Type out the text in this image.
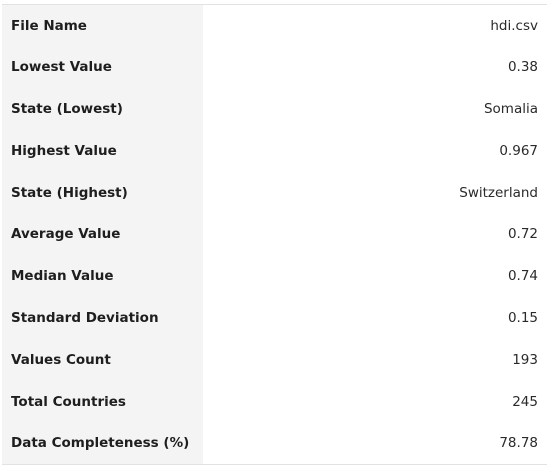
File Name	hdi.csv
Lowest Value	0.38
State (Lowest)	Somalia
Highest Value	0.967
State (Highest)	Switzerland
Average Value	0.72
Median Value	0.74
Standard Deviation	0.15
Values Count	193
Total Countries	245
Data Completeness (%)	78.78
